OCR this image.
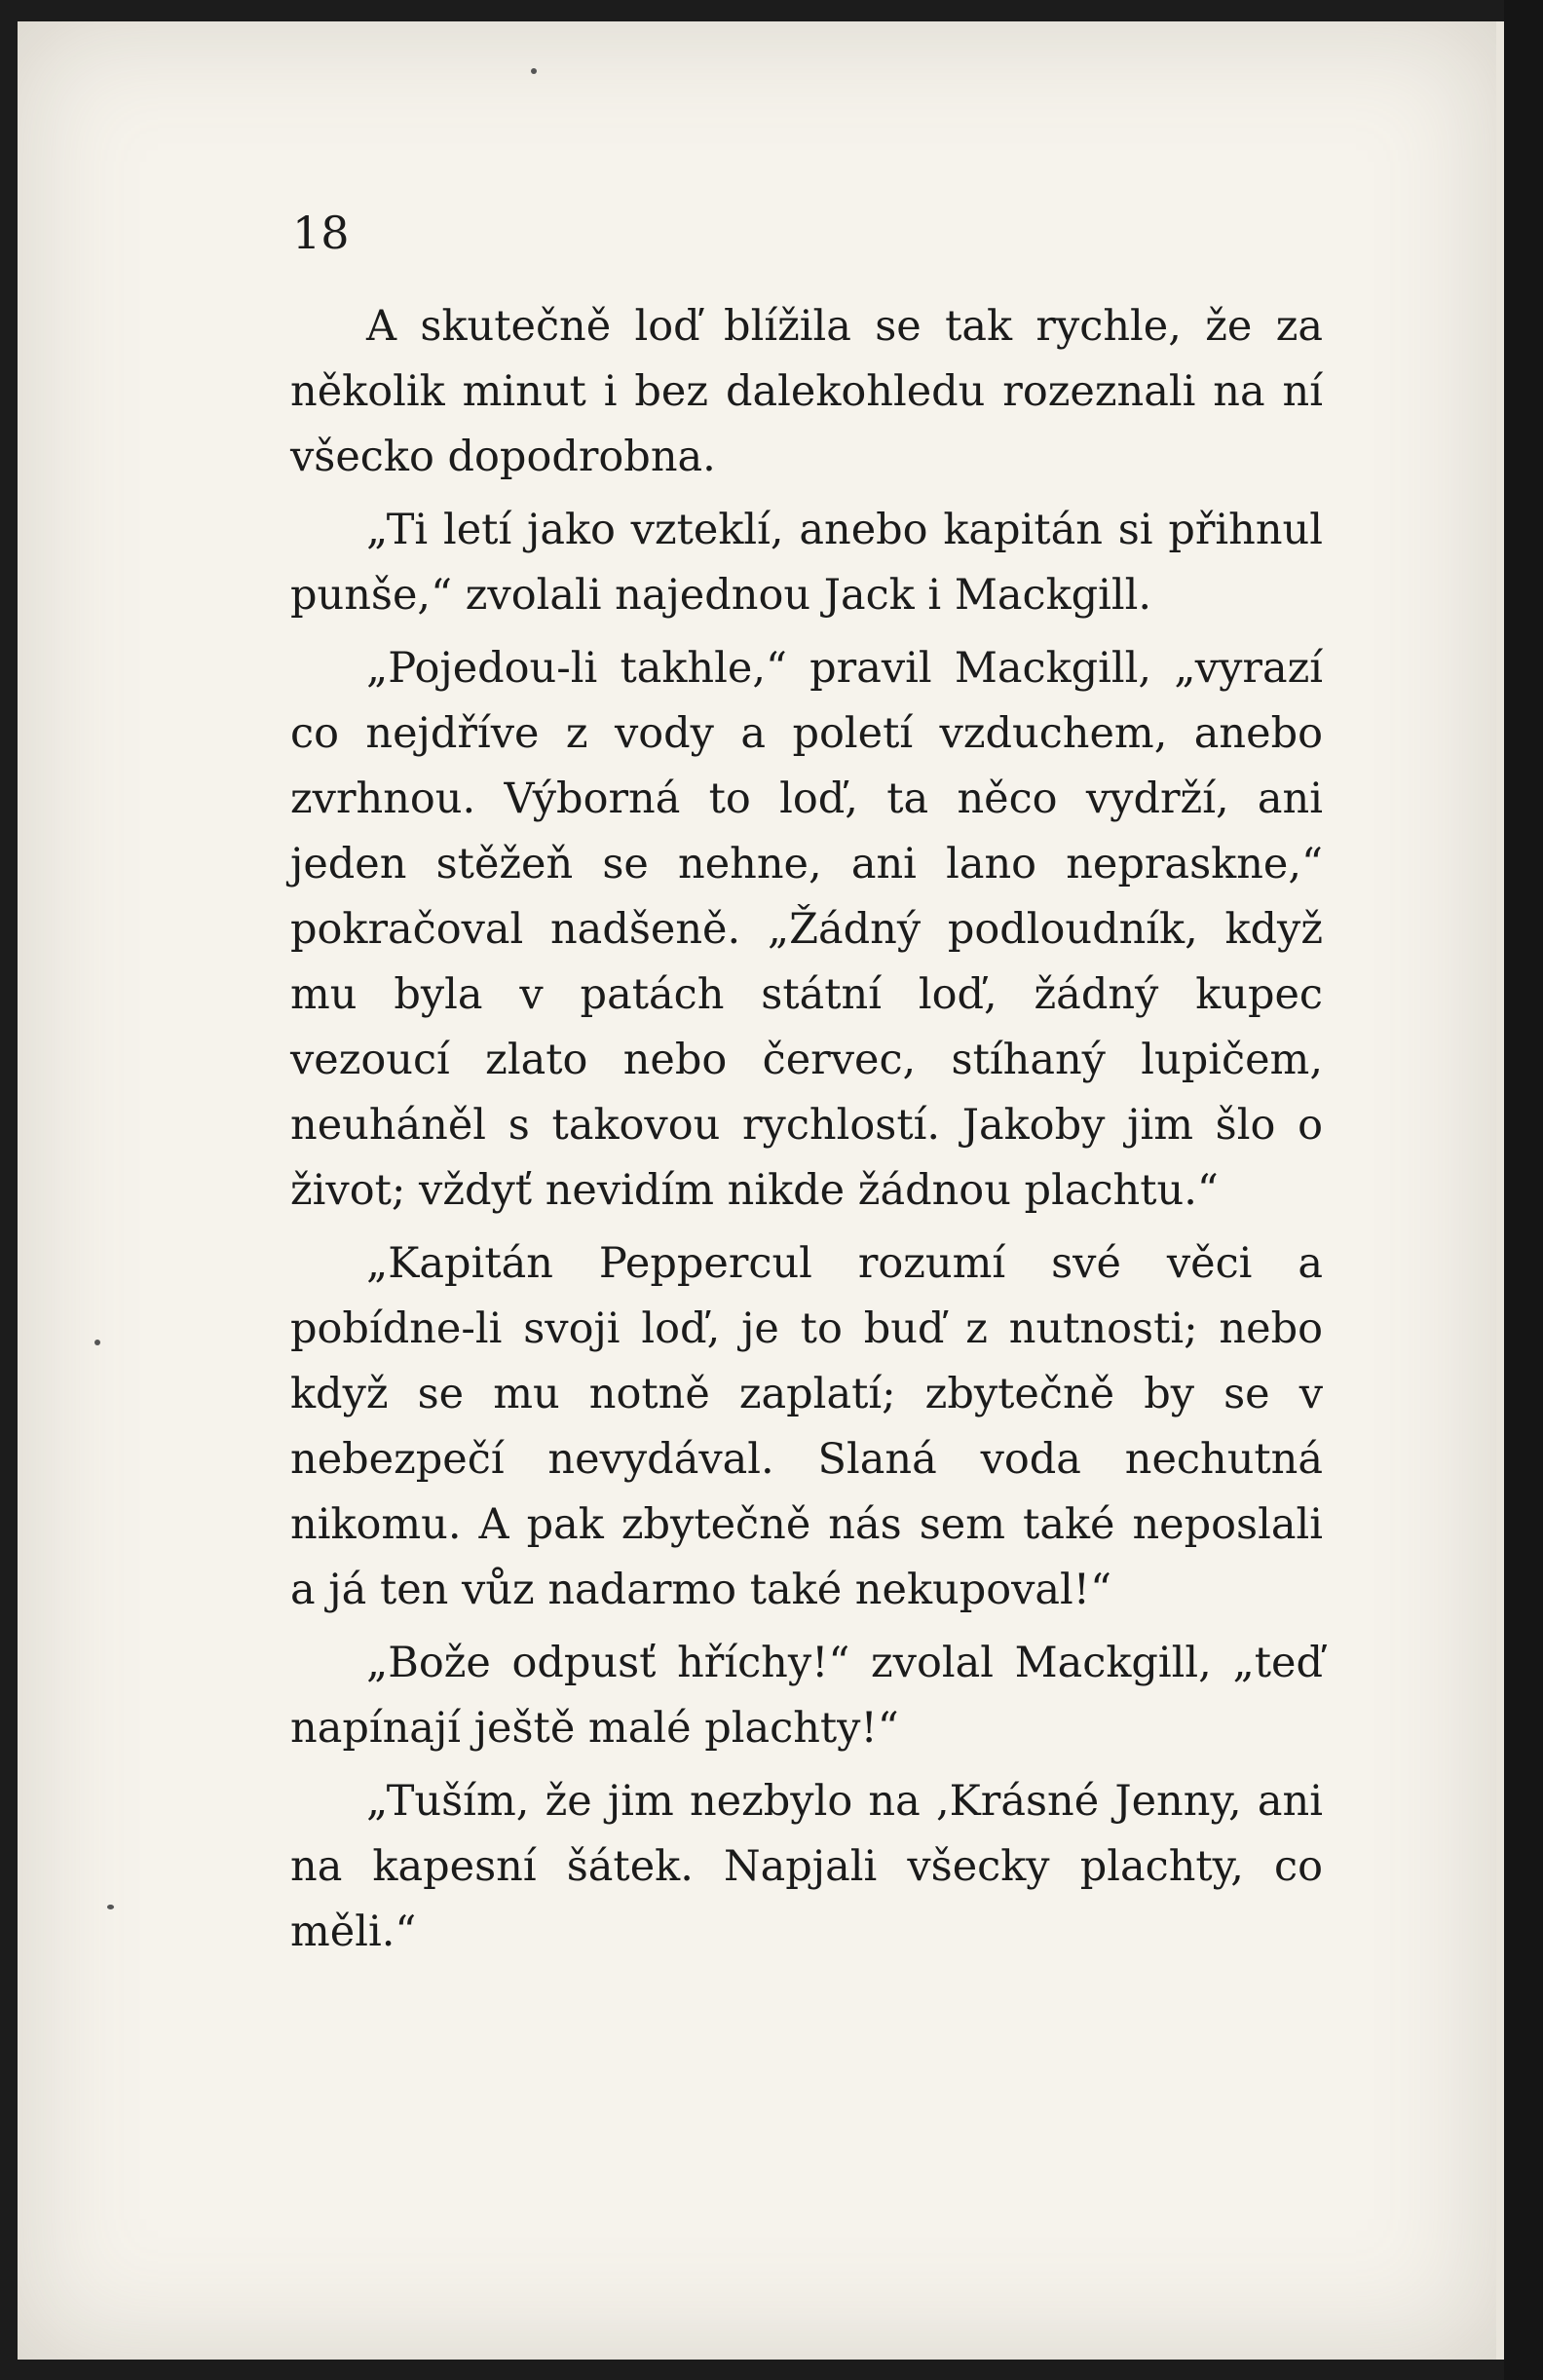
18

A skutečně loď blížila se tak rychle, že za několik minut i bez dalekohledu rozeznali na ní všecko dopodrobna.

„Ti letí jako vzteklí, anebo kapitán si přihnul punše,“ zvolali najednou Jack i Mackgill.

„Pojedou-li takhle,“ pravil Mackgill, „vyrazí co nejdříve z vody a poletí vzduchem, anebo zvrhnou. Výborná to loď, ta něco vydrží, ani jeden stěžeň se nehne, ani lano nepraskne,“ pokračoval nadšeně. „Žádný podloudník, když mu byla v patách státní loď, žádný kupec vezoucí zlato nebo červec, stíhaný lupičem, neuháněl s takovou rychlostí. Jakoby jim šlo o život; vždyť nevidím nikde žádnou plachtu.“

„Kapitán Peppercul rozumí své věci a pobídne-li svoji loď, je to buď z nutnosti; nebo když se mu notně zaplatí; zbytečně by se v nebezpečí nevydával. Slaná voda nechutná nikomu. A pak zbytečně nás sem také neposlali a já ten vůz nadarmo také nekupoval!“

„Bože odpusť hříchy!“ zvolal Mackgill, „teď napínají ještě malé plachty!“

„Tuším, že jim nezbylo na ,Krásné Jenny, ani na kapesní šátek. Napjali všecky plachty, co měli.“
